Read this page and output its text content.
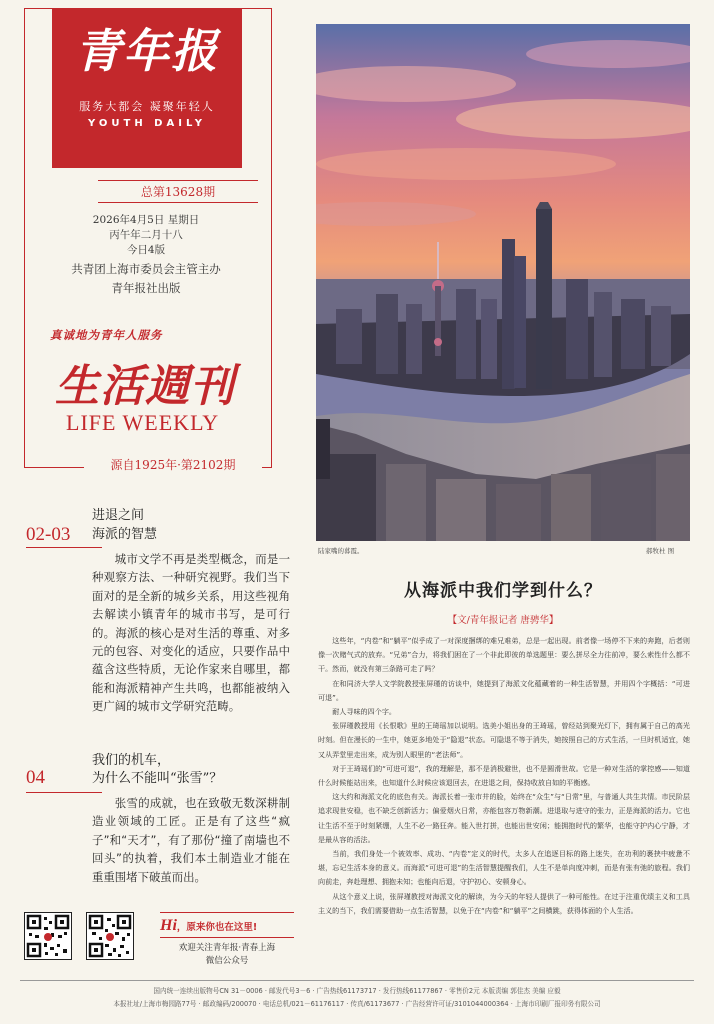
青年报
服务大都会 凝聚年轻人
YOUTH DAILY
总第13628期
2026年4月5日 星期日
丙午年二月十八
今日4版
共青团上海市委员会主管主办
青年报社出版
真诚地为青年人服务
生活週刊
LIFE WEEKLY
源自1925年·第2102期
进退之间
02-03 海派的智慧
城市文学不再是类型概念，而是一种观察方法、一种研究视野。我们当下面对的是全新的城乡关系，用这些视角去解读小镇青年的城市书写，是可行的。海派的核心是对生活的尊重、对多元的包容、对变化的适应，只要作品中蕴含这些特质，无论作家来自哪里，都能和海派精神产生共鸣，也都能被纳入更广阔的城市文学研究范畴。
我们的机车，
04	为什么不能叫“张雪”？
张雪的成就，也在致敬无数深耕制造业领域的工匠。正是有了这些“疯子”和“天才”，有了那份“撞了南墙也不回头”的执着，我们本土制造业才能在重重围堵下破茧而出。
陆家嘴的暮霞。	郝牧杜 图
从海派中我们学到什么？
【文/青年报记者 唐骋华】

这些年，“内卷”和“躺平”似乎成了一对深度捆绑的难兄难弟，总是一起出现。前者像一场停不下来的奔跑，后者则像一次赌气式的放弃。“兄弟”合力，将我们困在了一个非此即彼的单选题里：要么拼尽全力往前冲，要么索性什么都不干。然而，就没有第三条路可走了吗？

在和同济大学人文学院教授张屏瑾的访谈中，她提到了海派文化蕴藏着的一种生活智慧，并用四个字概括：“可进可退”。

耐人寻味的四个字。

张屏瑾教授用《长恨歌》里的王琦瑶加以说明。选美小姐出身的王琦瑶，曾经站到聚光灯下，拥有属于自己的高光时刻。但在漫长的一生中，她更多地处于“隐退”状态。可隐退不等于消失，她按照自己的方式生活，一旦时机适宜，她又从弄堂里走出来，成为别人眼里的“老法师”。

对于王琦瑶们的“可进可退”，我的理解是，那不是消极避世，也不是圆滑世故。它是一种对生活的掌控感——知道什么时候能站出来，也知道什么时候应该退回去，在进退之间，保持收放自如的平衡感。

这大约和海派文化的底色有关。海派长着一张市井的脸，始终在“众生”与“日常”里，与普通人共生共情。市民阶层追求现世安稳，也不缺乏创新活力；偏爱烟火日常，亦能包容万物新潮。进退取与进守的张力，正是海派的活力。它也让生活不至于时刻紧绷，人生不必一路狂奔。能入世打拼，也能出世安闲；能拥抱时代的繁华，也能守护内心宁静，才是最从容的活法。

当前，我们身处一个被效率、成功、“内卷”定义的时代，太多人在追逐目标的路上迷失，在功利的裹挟中疲惫不堪，忘记生活本身的意义。而海派“可进可退”的生活智慧提醒我们，人生不是单向度冲刺，而是有张有弛的旅程。我们向前走，奔赴理想、拥抱未知；也能向后退，守护初心、安顿身心。

从这个意义上说，张屏瑾教授对海派文化的解读，为今天的年轻人提供了一种可能性。在过于注重优绩主义和工具主义的当下，我们需要借助一点生活智慧，以免于在“内卷”和“躺平”之间横跳，获得体面的个人生活。

Hi，原来你也在这里!
欢迎关注青年报·青春上海
微信公众号
国内统一连续出版物号CN 31－0006 · 邮发代号3－6 · 广告热线61173717 · 发行热线61177867 · 零售价2元 本版责编 郭佳杰 美编 应毅
本报社址/上海市梅园路77号 · 邮政编码/200070 · 电话总机/021－61176117 · 传真/61173677 · 广告经营许可证/3101044000364 · 上海市印刷厂报印务有限公司
